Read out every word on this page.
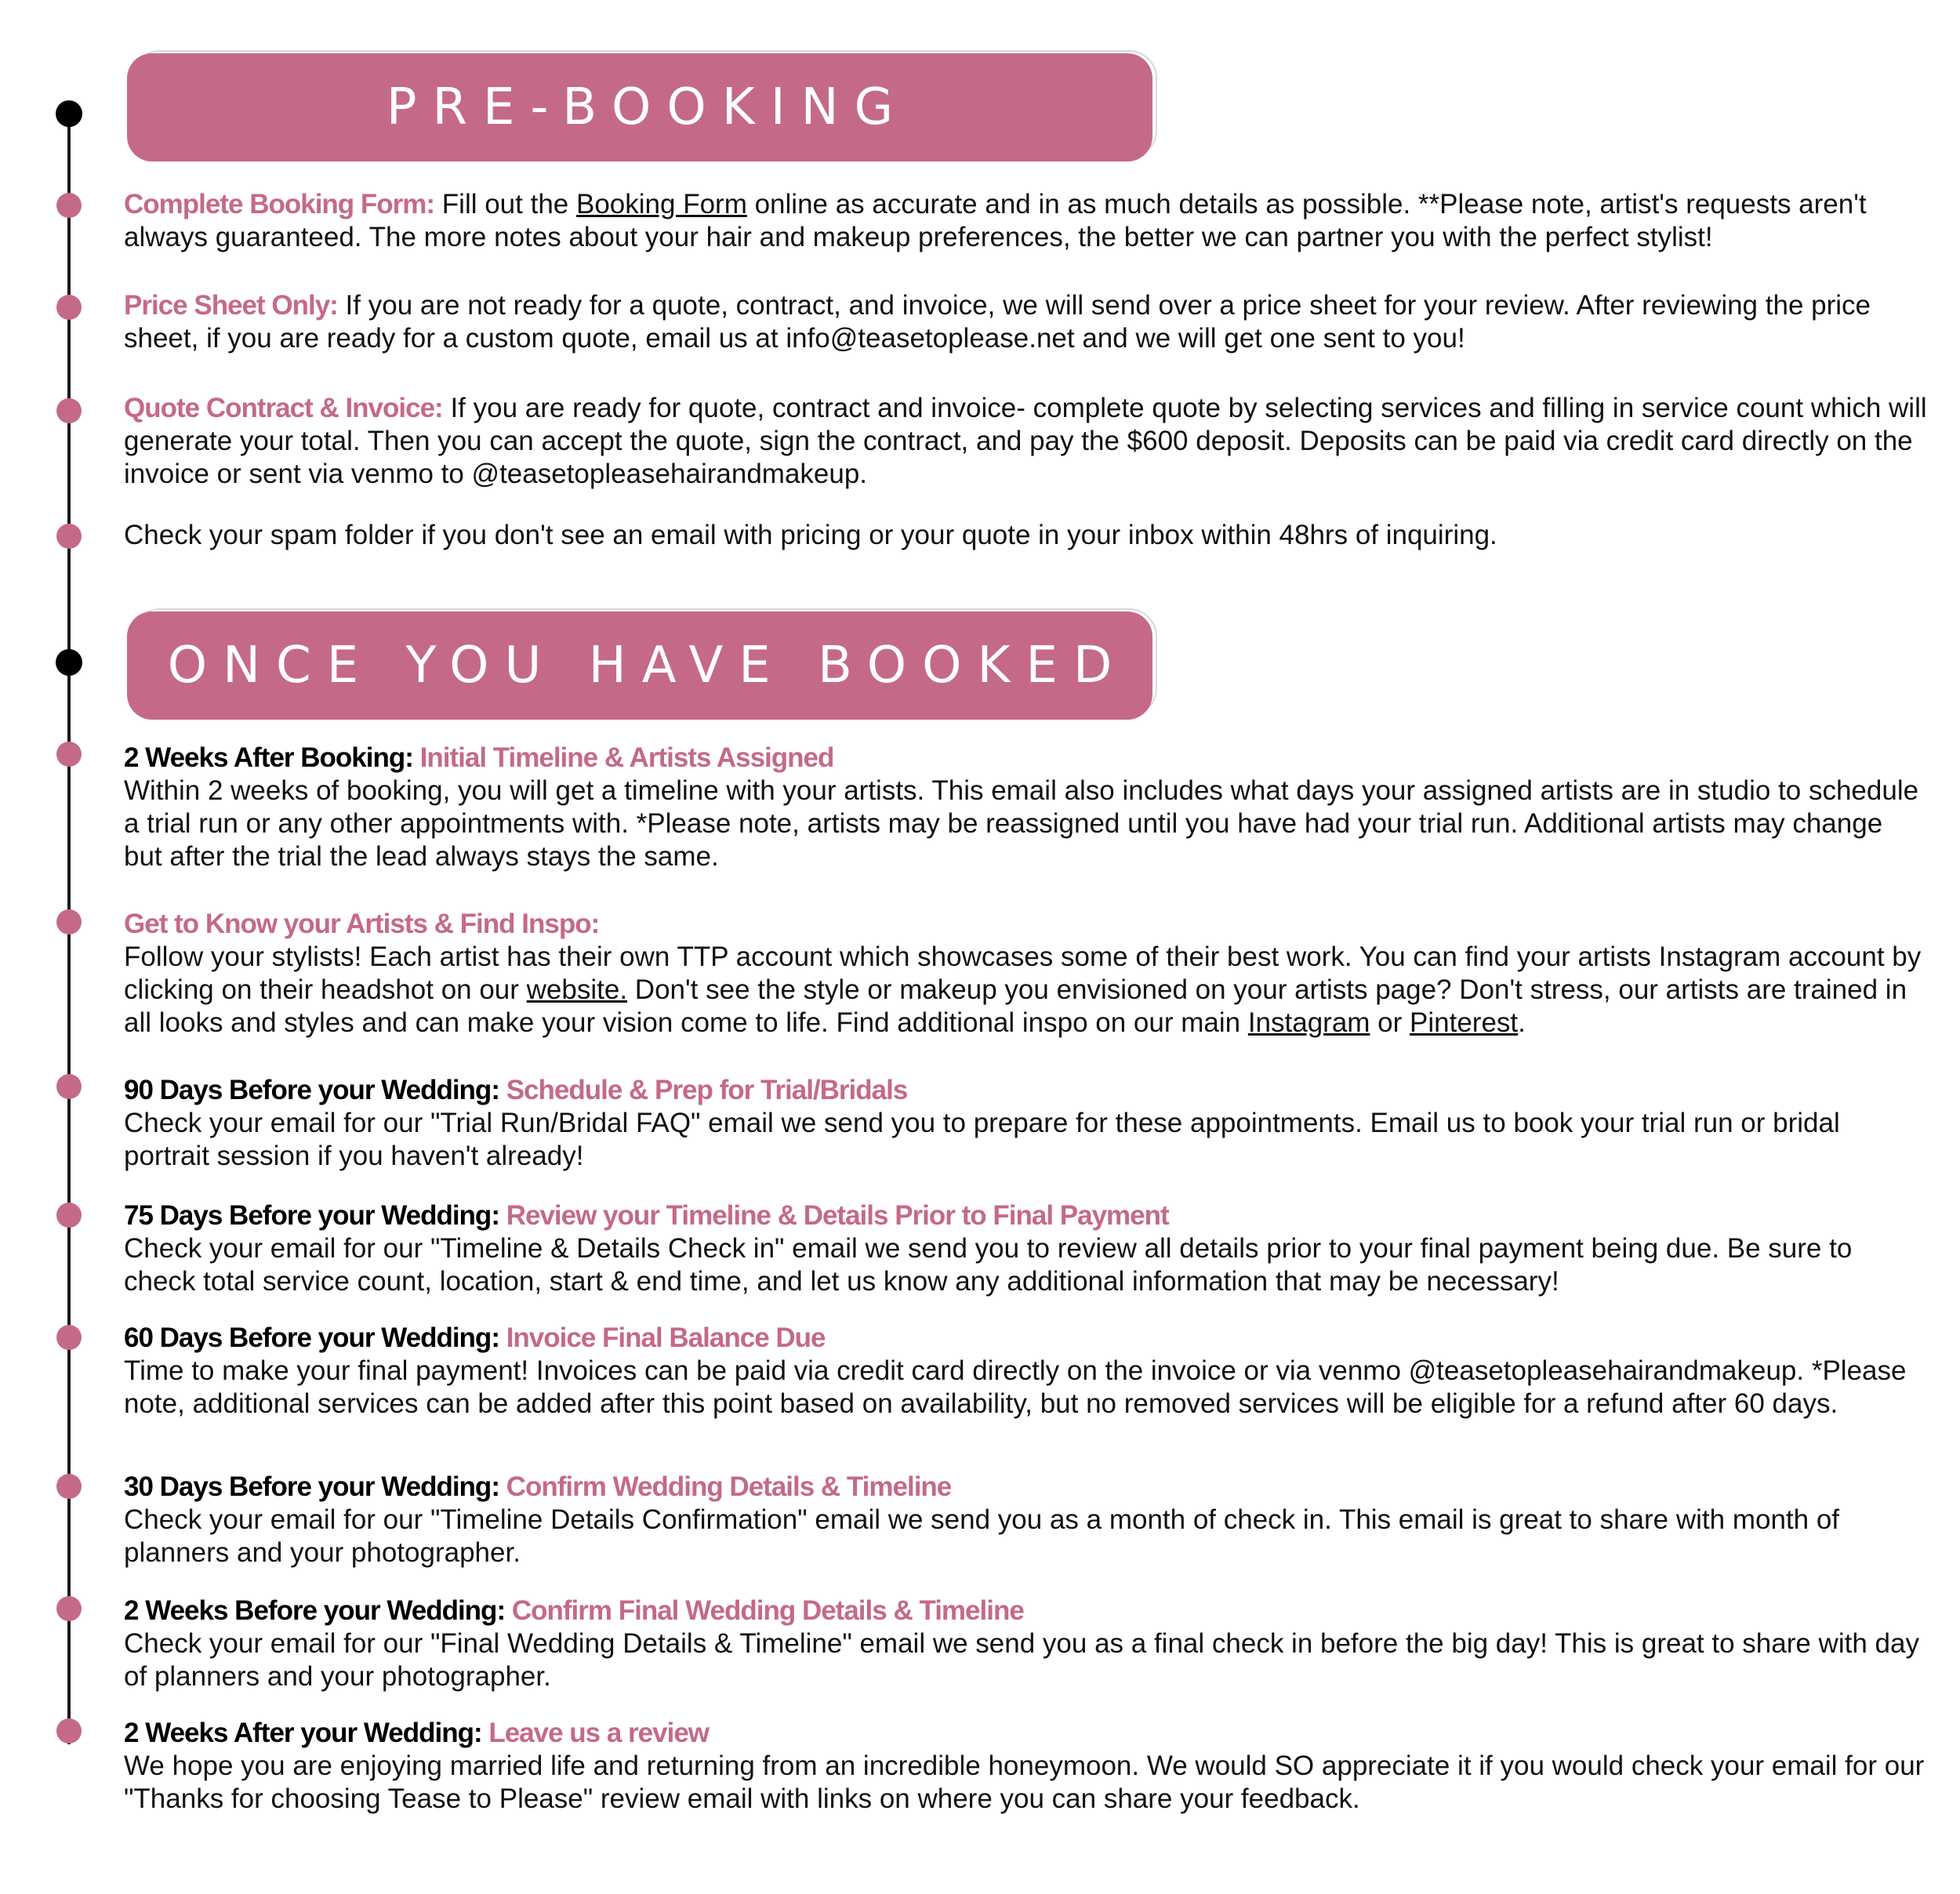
PRE-BOOKING
Complete Booking Form: Fill out the Booking Form online as accurate and in as much details as possible. **Please note, artist's requests aren't always guaranteed. The more notes about your hair and makeup preferences, the better we can partner you with the perfect stylist!
Price Sheet Only: If you are not ready for a quote, contract, and invoice, we will send over a price sheet for your review. After reviewing the price sheet, if you are ready for a custom quote, email us at info@teasetoplease.net and we will get one sent to you!
Quote Contract & Invoice: If you are ready for quote, contract and invoice- complete quote by selecting services and filling in service count which will generate your total. Then you can accept the quote, sign the contract, and pay the $600 deposit. Deposits can be paid via credit card directly on the invoice or sent via venmo to @teasetopleasehairandmakeup.
Check your spam folder if you don't see an email with pricing or your quote in your inbox within 48hrs of inquiring.
ONCE YOU HAVE BOOKED
2 Weeks After Booking: Initial Timeline & Artists Assigned
Within 2 weeks of booking, you will get a timeline with your artists. This email also includes what days your assigned artists are in studio to schedule a trial run or any other appointments with. *Please note, artists may be reassigned until you have had your trial run. Additional artists may change but after the trial the lead always stays the same.
Get to Know your Artists & Find Inspo:
Follow your stylists! Each artist has their own TTP account which showcases some of their best work. You can find your artists Instagram account by clicking on their headshot on our website. Don't see the style or makeup you envisioned on your artists page? Don't stress, our artists are trained in all looks and styles and can make your vision come to life. Find additional inspo on our main Instagram or Pinterest.
90 Days Before your Wedding: Schedule & Prep for Trial/Bridals
Check your email for our "Trial Run/Bridal FAQ" email we send you to prepare for these appointments. Email us to book your trial run or bridal portrait session if you haven't already!
75 Days Before your Wedding: Review your Timeline & Details Prior to Final Payment
Check your email for our "Timeline & Details Check in" email we send you to review all details prior to your final payment being due. Be sure to check total service count, location, start & end time, and let us know any additional information that may be necessary!
60 Days Before your Wedding: Invoice Final Balance Due
Time to make your final payment! Invoices can be paid via credit card directly on the invoice or via venmo @teasetopleasehairandmakeup. *Please note, additional services can be added after this point based on availability, but no removed services will be eligible for a refund after 60 days.
30 Days Before your Wedding: Confirm Wedding Details & Timeline
Check your email for our "Timeline Details Confirmation" email we send you as a month of check in. This email is great to share with month of planners and your photographer.
2 Weeks Before your Wedding: Confirm Final Wedding Details & Timeline
Check your email for our "Final Wedding Details & Timeline" email we send you as a final check in before the big day! This is great to share with day of planners and your photographer.
2 Weeks After your Wedding: Leave us a review
We hope you are enjoying married life and returning from an incredible honeymoon. We would SO appreciate it if you would check your email for our "Thanks for choosing Tease to Please" review email with links on where you can share your feedback.
